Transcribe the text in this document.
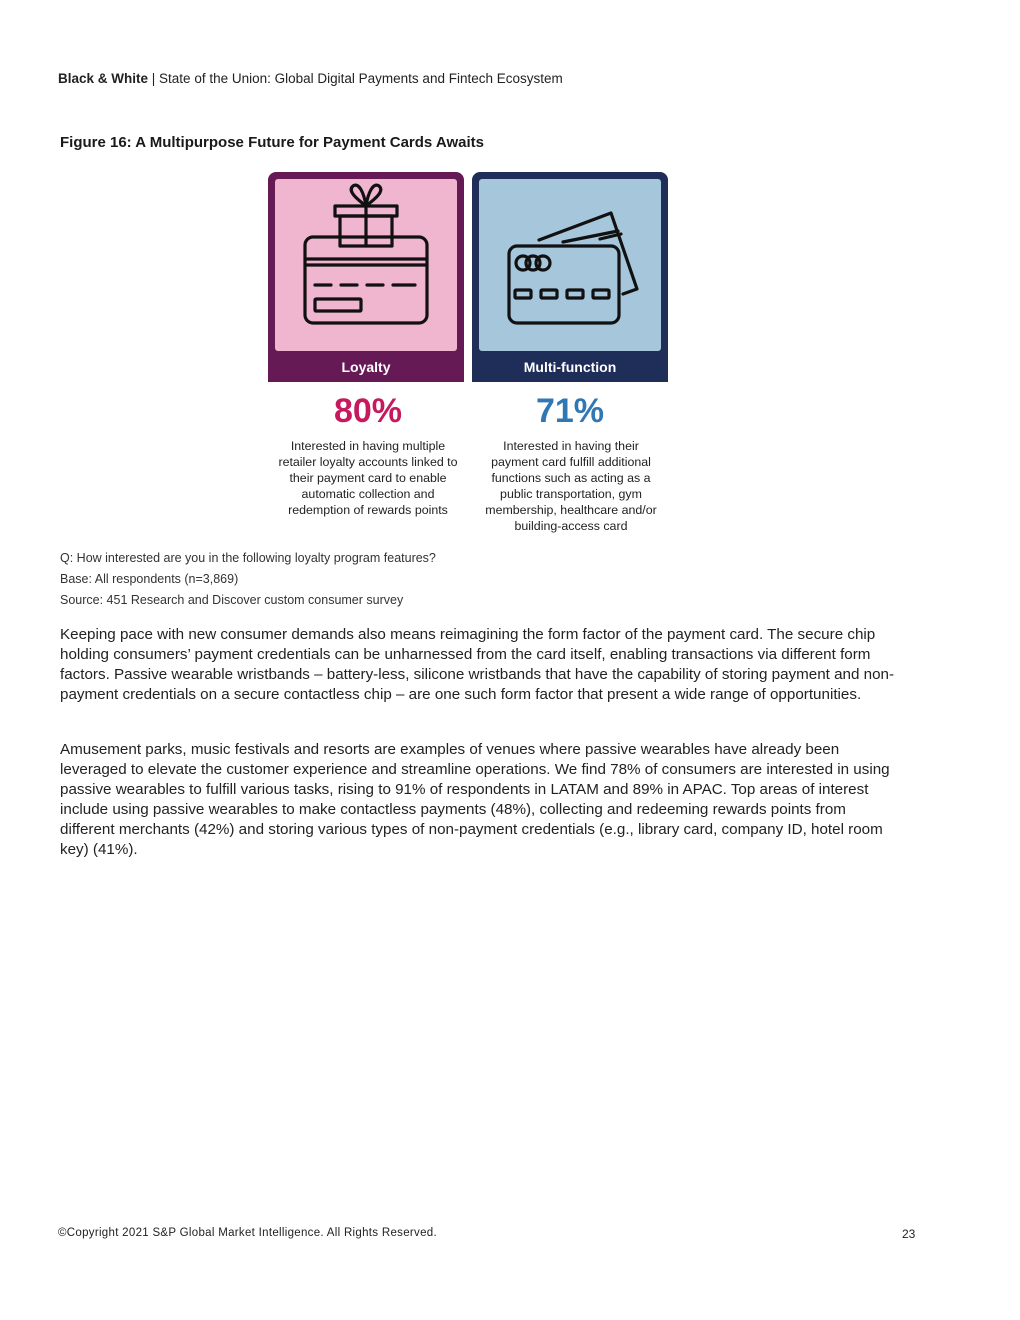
Black & White | State of the Union: Global Digital Payments and Fintech Ecosystem
Figure 16: A Multipurpose Future for Payment Cards Awaits
Loyalty	Multi-function
80%	71%
Interested in having multiple retailer loyalty accounts linked to their payment card to enable automatic collection and redemption of rewards points
Interested in having their payment card fulfill additional functions such as acting as a public transportation, gym membership, healthcare and/or building-access card
Q: How interested are you in the following loyalty program features?
Base: All respondents (n=3,869)
Source: 451 Research and Discover custom consumer survey

Keeping pace with new consumer demands also means reimagining the form factor of the payment card. The secure chip holding consumers’ payment credentials can be unharnessed from the card itself, enabling transactions via different form factors. Passive wearable wristbands – battery-less, silicone wristbands that have the capability of storing payment and non-payment credentials on a secure contactless chip – are one such form factor that present a wide range of opportunities.

Amusement parks, music festivals and resorts are examples of venues where passive wearables have already been leveraged to elevate the customer experience and streamline operations. We find 78% of consumers are interested in using passive wearables to fulfill various tasks, rising to 91% of respondents in LATAM and 89% in APAC. Top areas of interest include using passive wearables to make contactless payments (48%), collecting and redeeming rewards points from different merchants (42%) and storing various types of non-payment credentials (e.g., library card, company ID, hotel room key) (41%).

©Copyright 2021 S&P Global Market Intelligence. All Rights Reserved.	23
